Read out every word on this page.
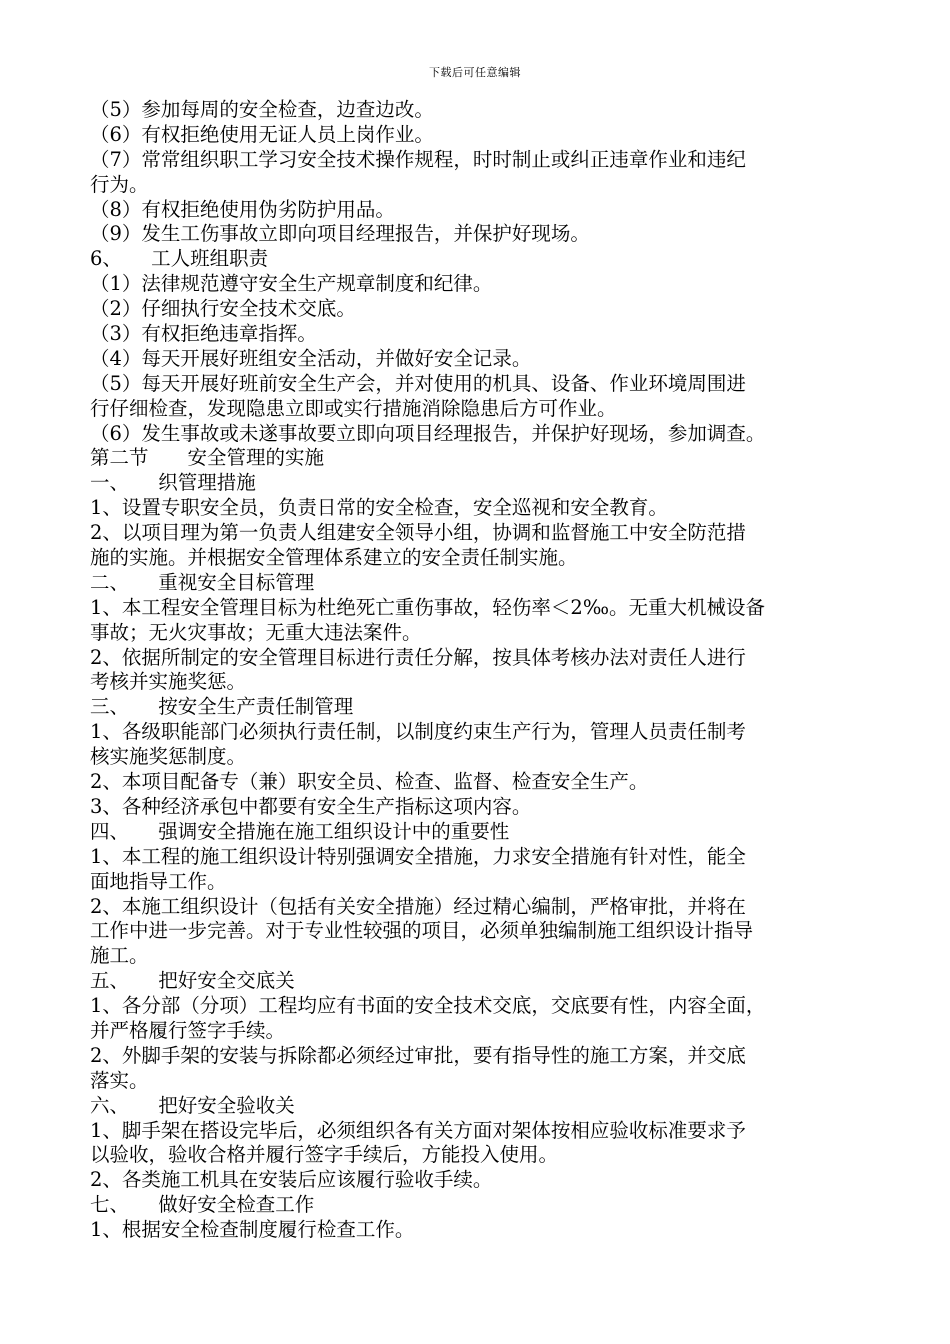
下载后可任意编辑
（5）参加每周的安全检查，边查边改。
（6）有权拒绝使用无证人员上岗作业。
（7）常常组织职工学习安全技术操作规程，时时制止或纠正违章作业和违纪
行为。
（8）有权拒绝使用伪劣防护用品。
（9）发生工伤事故立即向项目经理报告，并保护好现场。
6、　　工人班组职责
（1）法律规范遵守安全生产规章制度和纪律。
（2）仔细执行安全技术交底。
（3）有权拒绝违章指挥。
（4）每天开展好班组安全活动，并做好安全记录。
（5）每天开展好班前安全生产会，并对使用的机具、设备、作业环境周围进
行仔细检查，发现隐患立即或实行措施消除隐患后方可作业。
（6）发生事故或未遂事故要立即向项目经理报告，并保护好现场，参加调查。
第二节　　安全管理的实施
一、　　织管理措施
1、设置专职安全员，负责日常的安全检查，安全巡视和安全教育。
2、以项目理为第一负责人组建安全领导小组，协调和监督施工中安全防范措
施的实施。并根据安全管理体系建立的安全责任制实施。
二、　　重视安全目标管理
1、本工程安全管理目标为杜绝死亡重伤事故，轻伤率＜2‰。无重大机械设备
事故；无火灾事故；无重大违法案件。
2、依据所制定的安全管理目标进行责任分解，按具体考核办法对责任人进行
考核并实施奖惩。
三、　　按安全生产责任制管理
1、各级职能部门必须执行责任制，以制度约束生产行为，管理人员责任制考
核实施奖惩制度。
2、本项目配备专（兼）职安全员、检查、监督、检查安全生产。
3、各种经济承包中都要有安全生产指标这项内容。
四、　　强调安全措施在施工组织设计中的重要性
1、本工程的施工组织设计特别强调安全措施，力求安全措施有针对性，能全
面地指导工作。
2、本施工组织设计（包括有关安全措施）经过精心编制，严格审批，并将在
工作中进一步完善。对于专业性较强的项目，必须单独编制施工组织设计指导
施工。
五、　　把好安全交底关
1、各分部（分项）工程均应有书面的安全技术交底，交底要有性，内容全面，
并严格履行签字手续。
2、外脚手架的安装与拆除都必须经过审批，要有指导性的施工方案，并交底
落实。
六、　　把好安全验收关
1、脚手架在搭设完毕后，必须组织各有关方面对架体按相应验收标准要求予
以验收，验收合格并履行签字手续后，方能投入使用。
2、各类施工机具在安装后应该履行验收手续。
七、　　做好安全检查工作
1、根据安全检查制度履行检查工作。
